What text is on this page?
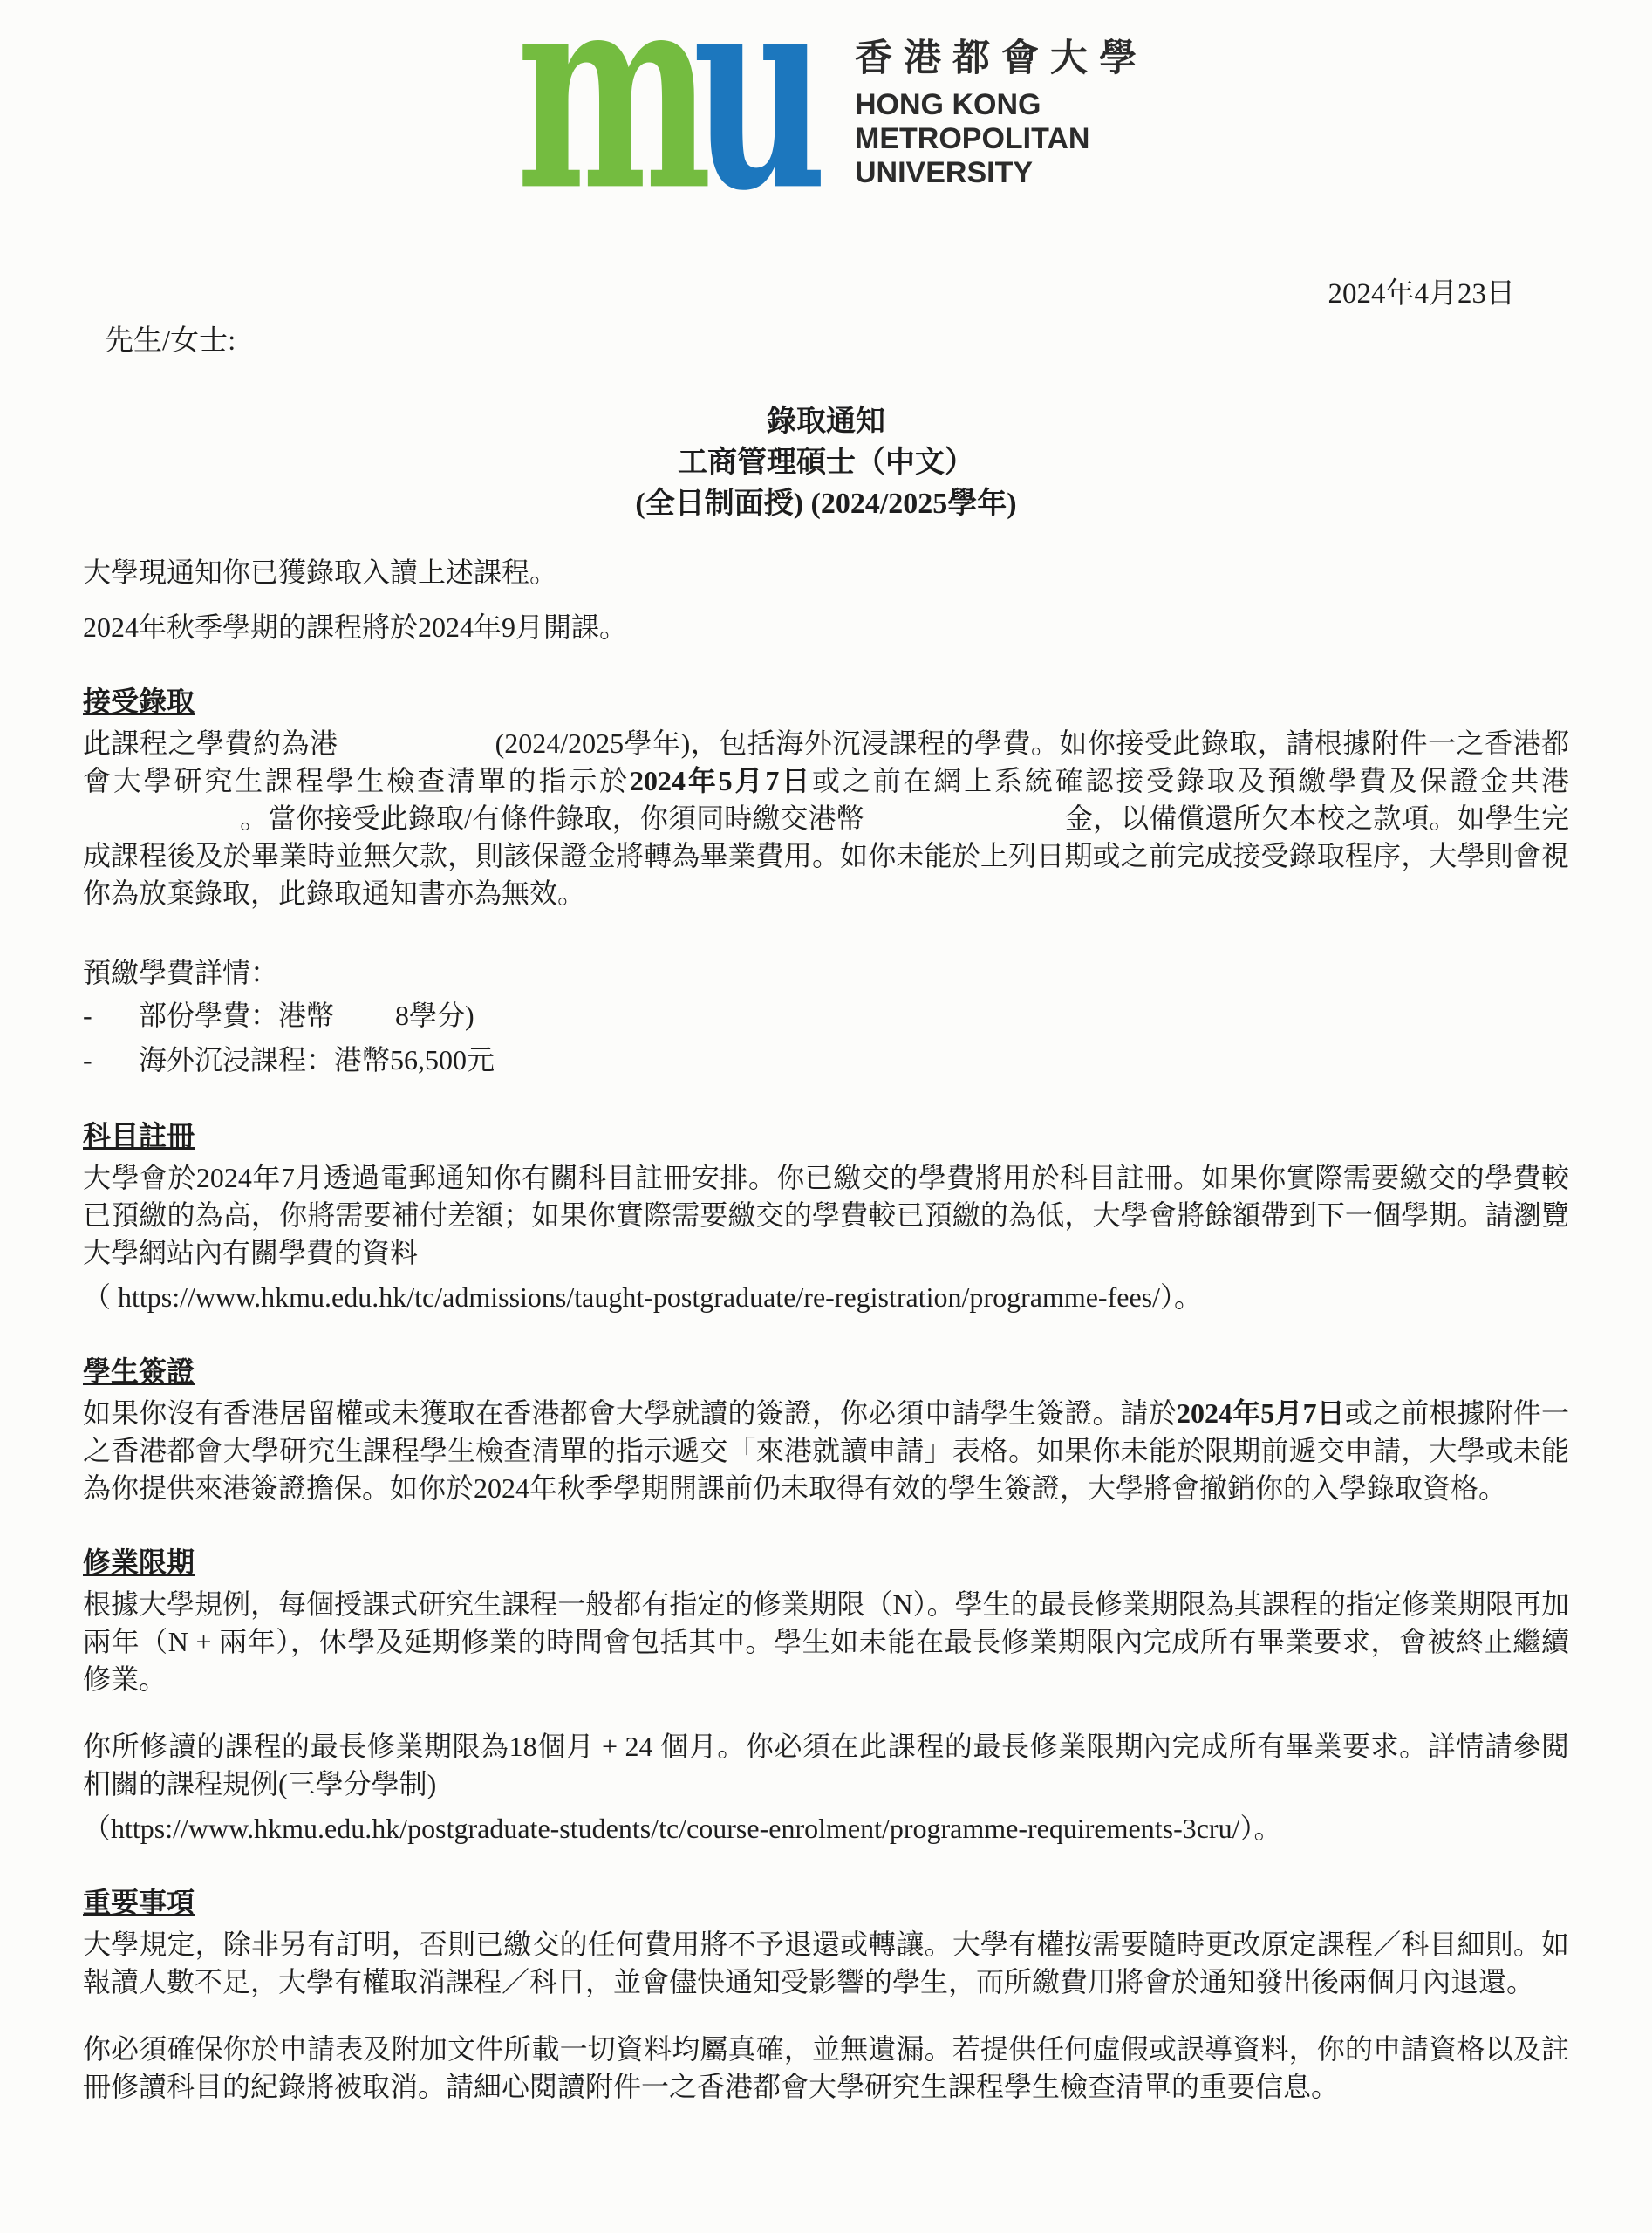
m
u 香港都會大學
HONG KONG
METROPOLITAN
UNIVERSITY
2024年4月23日
先生/女士:
錄取通知
工商管理碩士（中文）
(全日制面授) (2024/2025學年)

大學現通知你已獲錄取入讀上述課程。

2024年秋季學期的課程將於2024年9月開課。

接受錄取

此課程之學費約為港	(2024/2025學年)，包括海外沉浸課程的學費。如你接受此錄取，請根據附件一之香港都會大學研究生課程學生檢查清單的指示於2024年5月7日或之前在網上系統確認接受錄取及預繳學費及保證金共港。當你接受此錄取/有條件錄取，你須同時繳交港幣	金，以備償還所欠本校之款項。如學生完成課程後及於畢業時並無欠款，則該保證金將轉為畢業費用。如你未能於上列日期或之前完成接受錄取程序，大學則會視你為放棄錄取，此錄取通知書亦為無效。

預繳學費詳情：

-	部份學費：港幣 8學分)
-	海外沉浸課程：港幣56,500元
科目註冊

大學會於2024年7月透過電郵通知你有關科目註冊安排。你已繳交的學費將用於科目註冊。如果你實際需要繳交的學費較已預繳的為高，你將需要補付差額；如果你實際需要繳交的學費較已預繳的為低，大學會將餘額帶到下一個學期。請瀏覽大學網站內有關學費的資料
（ https://www.hkmu.edu.hk/tc/admissions/taught-postgraduate/re-registration/programme-fees/）。

學生簽證

如果你沒有香港居留權或未獲取在香港都會大學就讀的簽證，你必須申請學生簽證。請於2024年5月7日或之前根據附件一之香港都會大學研究生課程學生檢查清單的指示遞交「來港就讀申請」表格。如果你未能於限期前遞交申請，大學或未能為你提供來港簽證擔保。如你於2024年秋季學期開課前仍未取得有效的學生簽證，大學將會撤銷你的入學錄取資格。

修業限期

根據大學規例，每個授課式研究生課程一般都有指定的修業期限（N）。學生的最長修業期限為其課程的指定修業期限再加兩年（N + 兩年），休學及延期修業的時間會包括其中。學生如未能在最長修業期限內完成所有畢業要求，會被終止繼續修業。

你所修讀的課程的最長修業期限為18個月 + 24 個月。你必須在此課程的最長修業限期內完成所有畢業要求。詳情請參閱相關的課程規例(三學分學制)
（https://www.hkmu.edu.hk/postgraduate-students/tc/course-enrolment/programme-requirements-3cru/）。

重要事項

大學規定，除非另有訂明，否則已繳交的任何費用將不予退還或轉讓。大學有權按需要隨時更改原定課程／科目細則。如報讀人數不足，大學有權取消課程／科目，並會儘快通知受影響的學生，而所繳費用將會於通知發出後兩個月內退還。

你必須確保你於申請表及附加文件所載一切資料均屬真確，並無遺漏。若提供任何虛假或誤導資料，你的申請資格以及註冊修讀科目的紀錄將被取消。請細心閱讀附件一之香港都會大學研究生課程學生檢查清單的重要信息。
